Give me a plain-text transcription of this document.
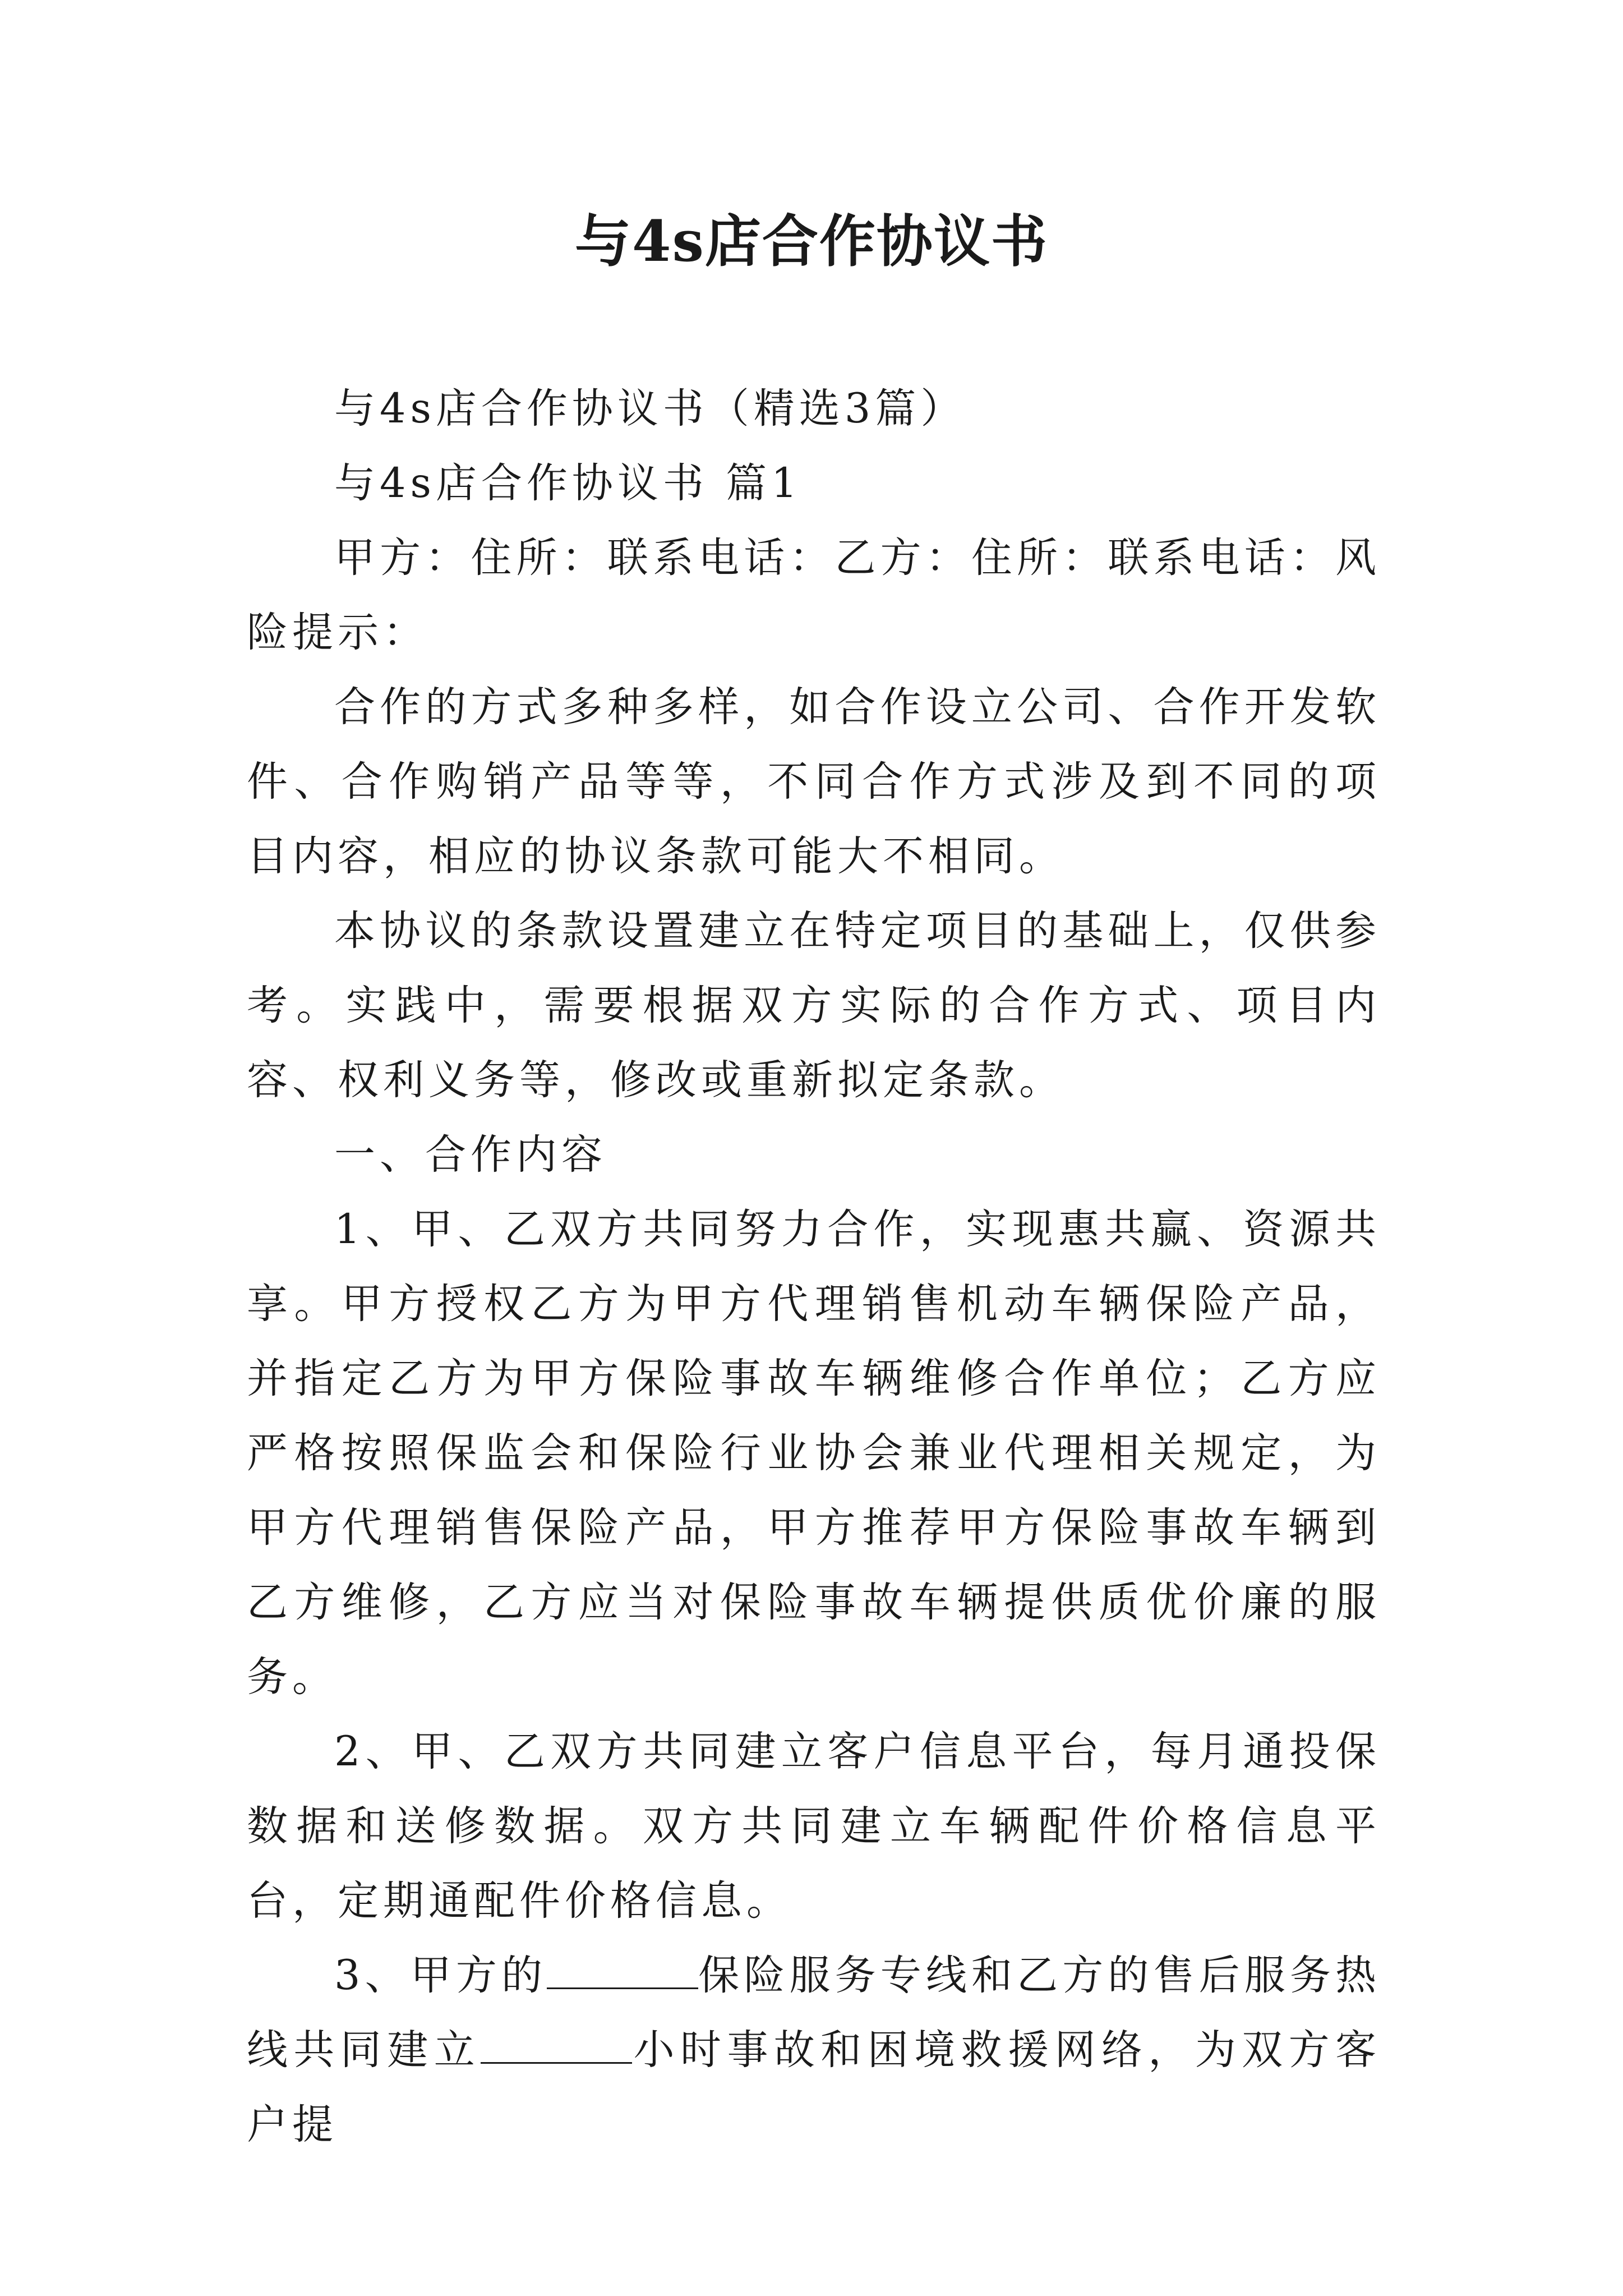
与4s店合作协议书

与4s店合作协议书（精选3篇）

与4s店合作协议书 篇1

甲方：住所：联系电话：乙方：住所：联系电话：风险提示：

合作的方式多种多样，如合作设立公司、合作开发软件、合作购销产品等等，不同合作方式涉及到不同的项目内容，相应的协议条款可能大不相同。

本协议的条款设置建立在特定项目的基础上，仅供参考。实践中，需要根据双方实际的合作方式、项目内容、权利义务等，修改或重新拟定条款。

一、合作内容

1、甲、乙双方共同努力合作，实现惠共赢、资源共享。甲方授权乙方为甲方代理销售机动车辆保险产品，并指定乙方为甲方保险事故车辆维修合作单位；乙方应严格按照保监会和保险行业协会兼业代理相关规定，为甲方代理销售保险产品，甲方推荐甲方保险事故车辆到乙方维修，乙方应当对保险事故车辆提供质优价廉的服务。

2、甲、乙双方共同建立客户信息平台，每月通投保数据和送修数据。双方共同建立车辆配件价格信息平台，定期通配件价格信息。

3、甲方的	保险服务专线和乙方的售后服务热线共同建立	小时事故和困境救援网络，为双方客户提
